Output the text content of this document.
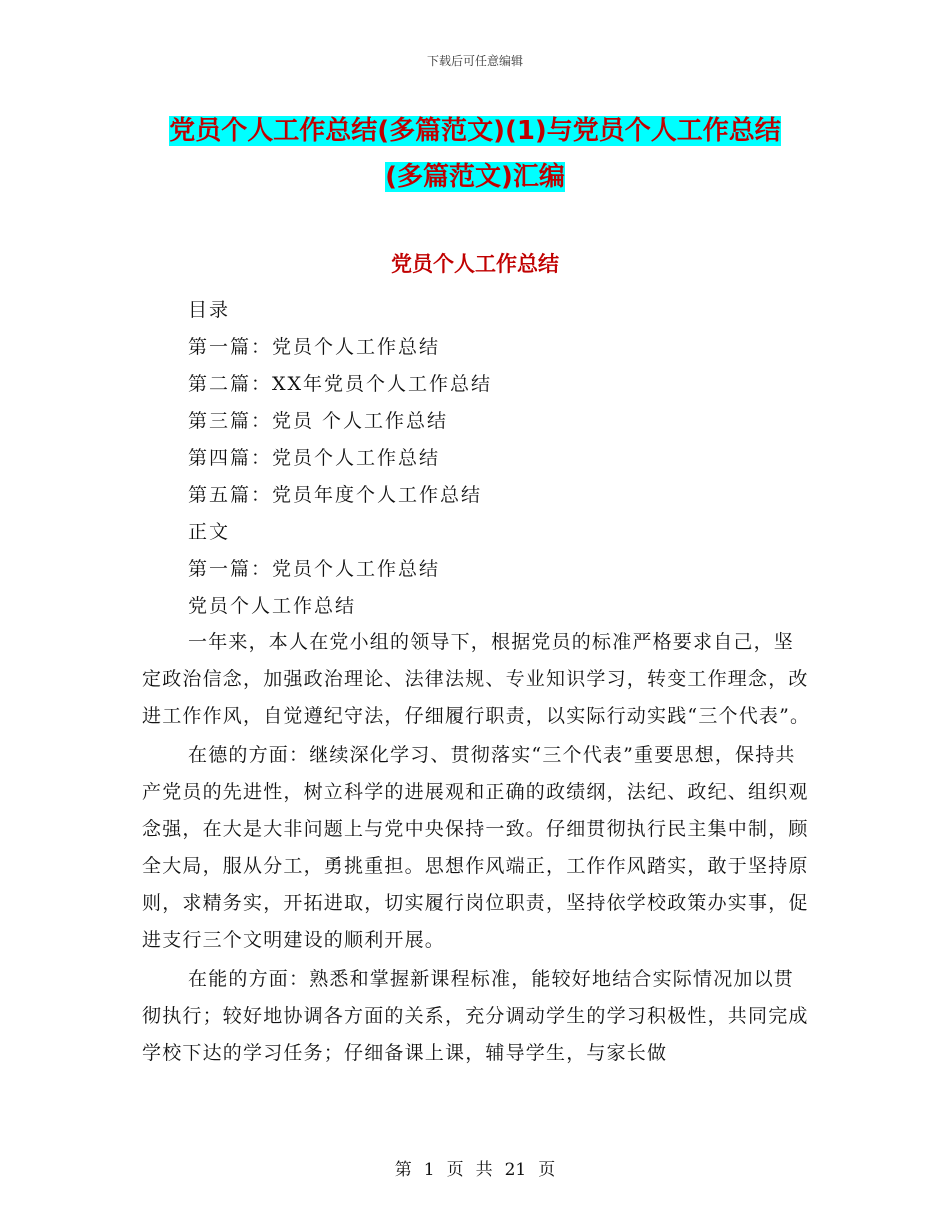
下载后可任意编辑
党员个人工作总结(多篇范文)(1)与党员个人工作总结
(多篇范文)汇编
党员个人工作总结
目录
第一篇：党员个人工作总结
第二篇：XX年党员个人工作总结
第三篇：党员 个人工作总结
第四篇：党员个人工作总结
第五篇：党员年度个人工作总结
正文
第一篇：党员个人工作总结
党员个人工作总结

一年来，本人在党小组的领导下，根据党员的标准严格要求自己，坚定政治信念，加强政治理论、法律法规、专业知识学习，转变工作理念，改进工作作风，自觉遵纪守法，仔细履行职责，以实际行动实践“三个代表”。

在德的方面：继续深化学习、贯彻落实“三个代表”重要思想，保持共产党员的先进性，树立科学的进展观和正确的政绩纲，法纪、政纪、组织观念强，在大是大非问题上与党中央保持一致。仔细贯彻执行民主集中制，顾全大局，服从分工，勇挑重担。思想作风端正，工作作风踏实，敢于坚持原则，求精务实，开拓进取，切实履行岗位职责，坚持依学校政策办实事，促进支行三个文明建设的顺利开展。

在能的方面：熟悉和掌握新课程标准，能较好地结合实际情况加以贯彻执行；较好地协调各方面的关系，充分调动学生的学习积极性，共同完成学校下达的学习任务；仔细备课上课，辅导学生，与家长做

第 1 页 共 21 页
